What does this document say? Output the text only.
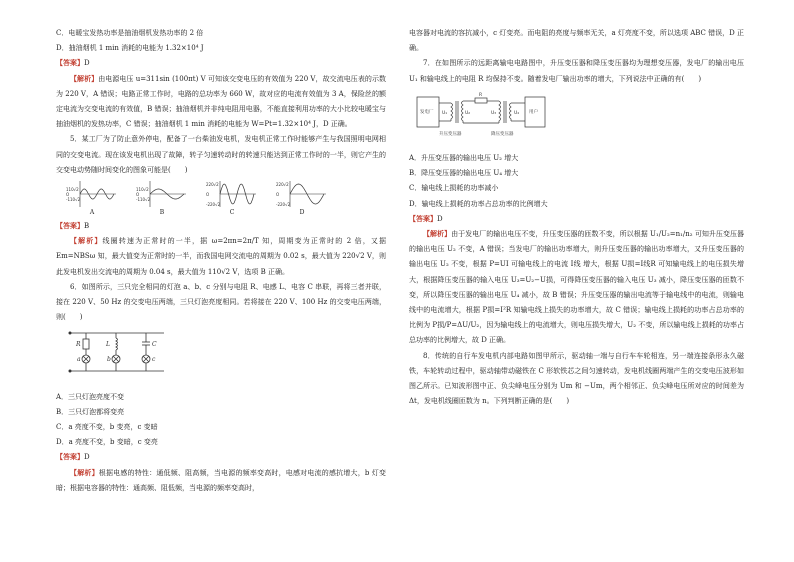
C．电暖宝发热功率是抽油烟机发热功率的 2 倍

D．抽油烟机 1 min 消耗的电能为 1.32×10⁴ J

【答案】D

【解析】由电源电压 u=311sin (100πt) V 可知该交变电压的有效值为 220 V，故交流电压表的示数为 220 V，A 错误；电路正常工作时，电路的总功率为 660 W，故对应的电流有效值为 3 A，保险丝的额定电流为交变电流的有效值，B 错误；抽油烟机并非纯电阻用电器，不能直接利用功率的大小比较电暖宝与抽油烟机的发热功率，C 错误；抽油烟机 1 min 消耗的电能为 W=Pt=1.32×10⁴ J，D 正确。

5．某工厂为了防止意外停电，配备了一台柴油发电机，发电机正常工作时能够产生与我国照明电网相同的交变电流。现在该发电机出现了故障，转子匀速转动时的转速只能达到正常工作时的一半，则它产生的交变电动势随时间变化的图象可能是(　　)

110√2
O
-110√2
A
110√2
O
-110√2
B
220√2
O
-220√2
C
220√2
O
-220√2
D

【答案】B

【解析】线圈转速为正常时的一半，据 ω=2πn=2π/T 知，周期变为正常时的 2 倍，又据 Em=NBSω 知，最大值变为正常时的一半，而我国电网交流电的周期为 0.02 s，最大值为 220√2 V，则此发电机发出交流电的周期为 0.04 s，最大值为 110√2 V，选项 B 正确。

6．如图所示，三只完全相同的灯泡 a、b、c 分别与电阻 R、电感 L、电容 C 串联，再将三者并联，接在 220 V、50 Hz 的交变电压两端，三只灯泡亮度相同。若将接在 220 V、100 Hz 的交变电压两端，则(　　)

R	L	C
a	b	c

A．三只灯泡亮度不变

B．三只灯泡都将变亮

C．a 亮度不变，b 变亮，c 变暗

D．a 亮度不变，b 变暗，c 变亮

【答案】D

【解析】根据电感的特性：通低频、阻高频，当电源的频率变高时，电感对电流的感抗增大，b 灯变暗；根据电容器的特性：通高频、阻低频，当电源的频率变高时，

电容器对电流的容抗减小，c 灯变亮。而电阻的亮度与频率无关，a 灯亮度不变，所以选项 ABC 错误，D 正确。

7．在如图所示的远距离输电电路图中，升压变压器和降压变压器均为理想变压器，发电厂的输出电压 U₁ 和输电线上的电阻 R 均保持不变。随着发电厂输出功率的增大，下列说法中正确的有(　　)

发电厂 U₁	U₂
R
U₃	U₄ 用户
升压变压器	降压变压器

A．升压变压器的输出电压 U₂ 增大

B．降压变压器的输出电压 U₄ 增大

C．输电线上损耗的功率减小

D．输电线上损耗的功率占总功率的比例增大

【答案】D

【解析】由于发电厂的输出电压不变，升压变压器的匝数不变，所以根据 U₁/U₂=n₁/n₂ 可知升压变压器的输出电压 U₂ 不变，A 错误；当发电厂的输出功率增大，则升压变压器的输出功率增大，又升压变压器的输出电压 U₂ 不变，根据 P=UI 可输电线上的电流 I线 增大，根据 U损=I线R 可知输电线上的电压损失增大，根据降压变压器的输入电压 U₃=U₂−U损，可得降压变压器的输入电压 U₃ 减小，降压变压器的匝数不变，所以降压变压器的输出电压 U₄ 减小，故 B 错误；升压变压器的输出电流等于输电线中的电流，则输电线中的电流增大，根据 P损=I²R 知输电线上损失的功率增大，故 C 错误；输电线上损耗的功率占总功率的比例为 P损/P=ΔU/U₂，因为输电线上的电流增大，则电压损失增大，U₂ 不变，所以输电线上损耗的功率占总功率的比例增大，故 D 正确。

8．传统的自行车发电机内部电路如图甲所示，驱动轴一端与自行车车轮相连，另一端连接条形永久磁铁，车轮转动过程中，驱动轴带动磁铁在 C 形软铁芯之间匀速转动，发电机线圈两端产生的交变电压波形如图乙所示。已知波形图中正、负尖峰电压分别为 Um 和 −Um，两个相邻正、负尖峰电压所对应的时间差为 Δt，发电机线圈匝数为 n。下列判断正确的是(　　)
